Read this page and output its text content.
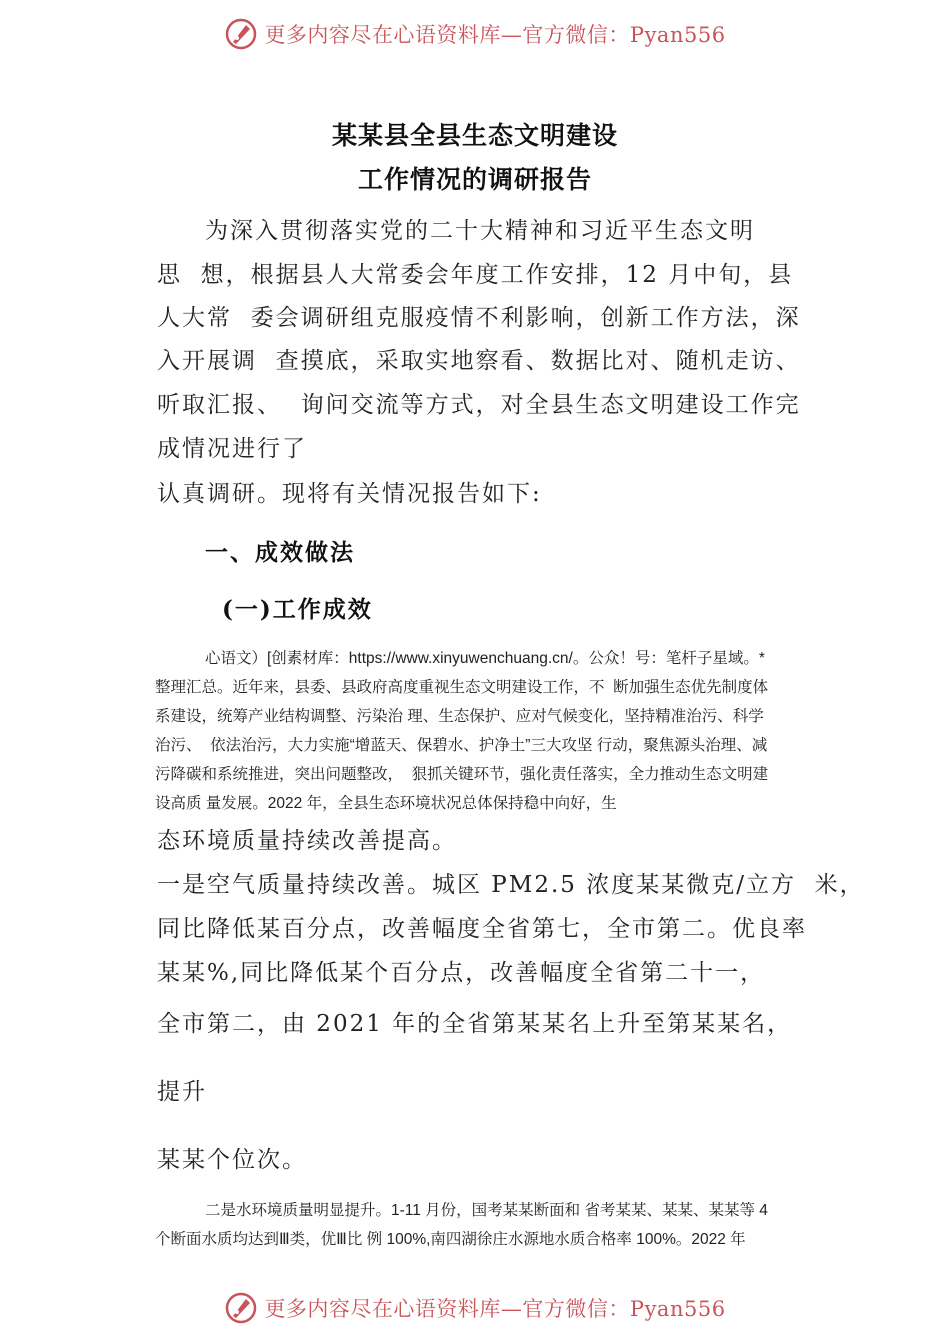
更多内容尽在心语资料库—官方微信：Pyan556
某某县全县生态文明建设
工作情况的调研报告
为深入贯彻落实党的二十大精神和习近平生态文明
思  想，根据县人大常委会年度工作安排，12 月中旬，县
人大常  委会调研组克服疫情不利影响，创新工作方法，深
入开展调  查摸底，采取实地察看、数据比对、随机走访、
听取汇报、  询问交流等方式，对全县生态文明建设工作完
成情况进行了
认真调研。现将有关情况报告如下:
一、成效做法
(一)工作成效
心语文）[创素材库：https://www.xinyuwenchuang.cn/。公众！号：笔杆子星域。*
整理汇总。近年来，县委、县政府高度重视生态文明建设工作，不  断加强生态优先制度体
系建设，统筹产业结构调整、污染治 理、生态保护、应对气候变化，坚持精准治污、科学
治污、  依法治污，大力实施“增蓝天、保碧水、护净土”三大攻坚 行动，聚焦源头治理、减
污降碳和系统推进，突出问题整改，  狠抓关键环节，强化责任落实，全力推动生态文明建
设高质 量发展。2022 年，全县生态环境状况总体保持稳中向好，生
态环境质量持续改善提高。
一是空气质量持续改善。城区 PM2.5 浓度某某微克/立方  米，
同比降低某百分点，改善幅度全省第七，全市第二。优良率
某某%,同比降低某个百分点，改善幅度全省第二十一，
全市第二，由 2021 年的全省第某某名上升至第某某名，
提升
某某个位次。
二是水环境质量明显提升。1-11 月份，国考某某断面和 省考某某、某某、某某等 4
个断面水质均达到Ⅲ类，优Ⅲ比 例 100%,南四湖徐庄水源地水质合格率 100%。2022 年
更多内容尽在心语资料库—官方微信：Pyan556
